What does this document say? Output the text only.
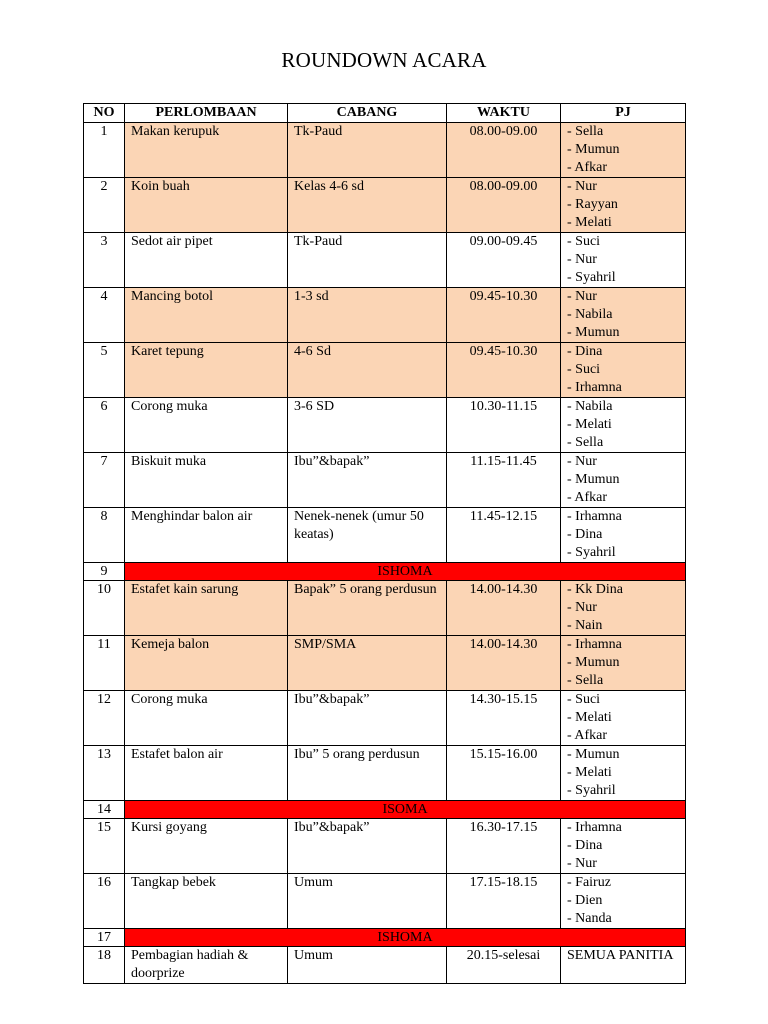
ROUNDOWN ACARA
NO	PERLOMBAAN	CABANG	WAKTU	PJ
1	Makan kerupuk	Tk-Paud	08.00-09.00	- Sella
- Mumun
- Afkar

2	Koin buah	Kelas 4-6 sd	08.00-09.00	- Nur
- Rayyan
- Melati

3	Sedot air pipet	Tk-Paud	09.00-09.45	- Suci
- Nur
- Syahril

4	Mancing botol	1-3 sd	09.45-10.30	- Nur
- Nabila
- Mumun

5	Karet tepung	4-6 Sd	09.45-10.30	- Dina
- Suci
- Irhamna

6	Corong muka	3-6 SD	10.30-11.15	- Nabila
- Melati
- Sella

7	Biskuit muka	Ibu”&bapak”	11.15-11.45	- Nur
- Mumun
- Afkar

8	Menghindar balon air	Nenek-nenek (umur 50 keatas)	11.45-12.15	- Irhamna
- Dina
- Syahril

9	ISHOMA			
10	Estafet kain sarung	Bapak” 5 orang perdusun	14.00-14.30	- Kk Dina
- Nur
- Nain

11	Kemeja balon	SMP/SMA	14.00-14.30	- Irhamna
- Mumun
- Sella

12	Corong muka	Ibu”&bapak”	14.30-15.15	- Suci
- Melati
- Afkar

13	Estafet balon air	Ibu” 5 orang perdusun	15.15-16.00	- Mumun
- Melati
- Syahril

14	ISOMA			
15	Kursi goyang	Ibu”&bapak”	16.30-17.15	- Irhamna
- Dina
- Nur

16	Tangkap bebek	Umum	17.15-18.15	- Fairuz
- Dien
- Nanda

17	ISHOMA			
18	Pembagian hadiah & doorprize	Umum	20.15-selesai	SEMUA PANITIA
